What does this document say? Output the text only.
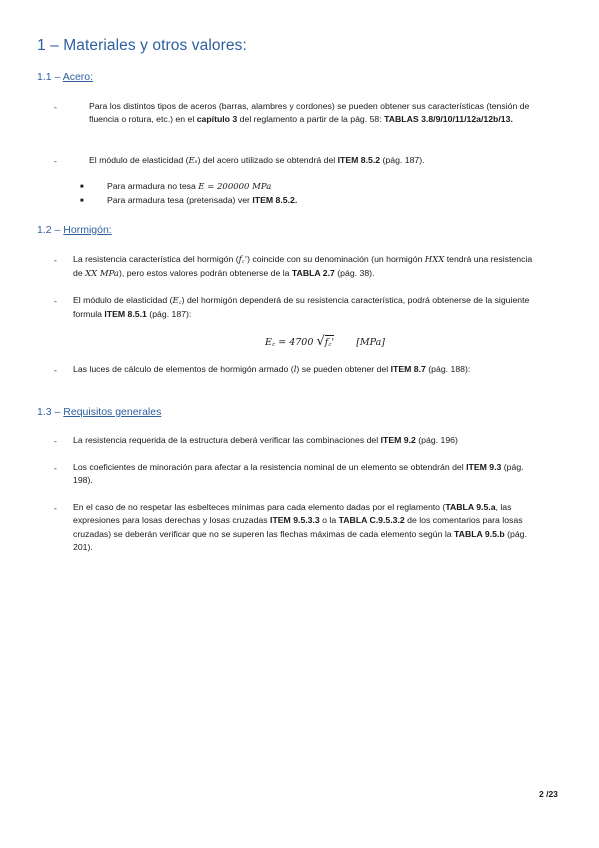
1 – Materiales y otros valores:
1.1 – Acero:
-	Para los distintos tipos de aceros (barras, alambres y cordones) se pueden obtener sus características (tensión de fluencia o rotura, etc.) en el capítulo 3 del reglamento a partir de la pág. 58: TABLAS 3.8/9/10/11/12a/12b/13.
-	El módulo de elasticidad (Eₛ) del acero utilizado se obtendrá del ITEM 8.5.2 (pág. 187).
■	Para armadura no tesa E = 200000 MPa
■	Para armadura tesa (pretensada) ver ITEM 8.5.2.
1.2 – Hormigón:
- La resistencia característica del hormigón (f꜀') coincide con su denominación (un hormigón HXX tendrá una resistencia de XX MPa), pero estos valores podrán obtenerse de la TABLA 2.7 (pág. 38).
- El módulo de elasticidad (E꜀) del hormigón dependerá de su resistencia característica, podrá obtenerse de la siguiente formula ITEM 8.5.1 (pág. 187):
E꜀ = 4700 √f꜀' [MPa]
- Las luces de cálculo de elementos de hormigón armado (l) se pueden obtener del ITEM 8.7 (pág. 188):
1.3 – Requisitos generales
- La resistencia requerida de la estructura deberá verificar las combinaciones del ITEM 9.2 (pág. 196)
- Los coeficientes de minoración para afectar a la resistencia nominal de un elemento se obtendrán del ITEM 9.3 (pág. 198).
- En el caso de no respetar las esbelteces mínimas para cada elemento dadas por el reglamento (TABLA 9.5.a, las expresiones para losas derechas y losas cruzadas ITEM 9.5.3.3 o la TABLA C.9.5.3.2 de los comentarios para losas cruzadas) se deberán verificar que no se superen las flechas máximas de cada elemento según la TABLA 9.5.b (pág. 201).
2 /23
